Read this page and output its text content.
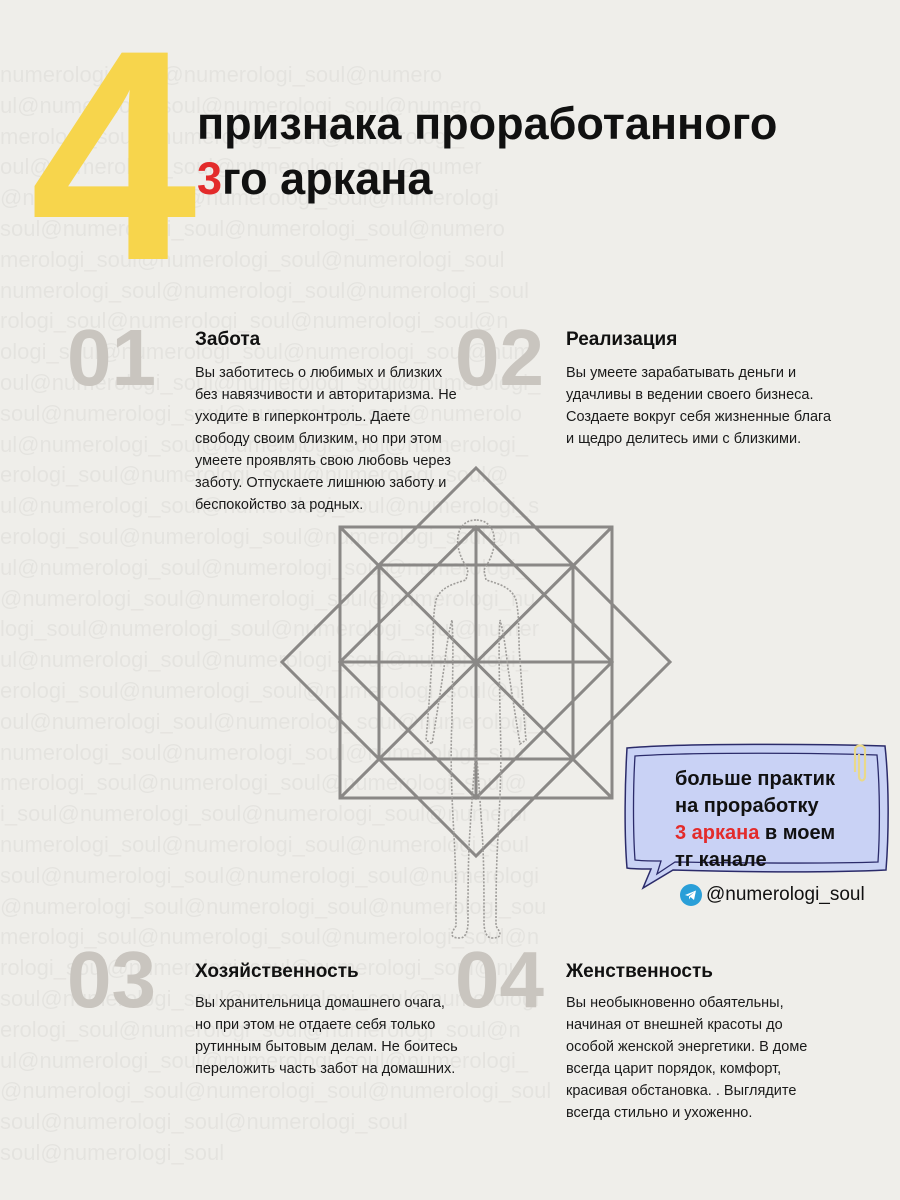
4 признака проработанного
3го аркана
01 Забота
Вы заботитесь о любимых и близких без навязчивости и авторитаризма. Не уходите в гиперконтроль. Даете свободу своим близким, но при этом умеете проявлять свою любовь через заботу. Отпускаете лишнюю заботу и беспокойство за родных.
02 Реализация
Вы умеете зарабатывать деньги и удачливы в ведении своего бизнеса. Создаете вокруг себя жизненные блага и щедро делитесь ими с близкими.
03 Хозяйственность
Вы хранительница домашнего очага, но при этом не отдаете себя только рутинным бытовым делам. Не боитесь переложить часть забот на домашних.
04 Женственность
Вы необыкновенно обаятельны, начиная от внешней красоты до особой женской энергетики. В доме всегда царит порядок, комфорт, красивая обстановка. . Выглядите всегда стильно и ухоженно.
больше практик
на проработку
3 аркана в моем
тг канале
@numerologi_soul
